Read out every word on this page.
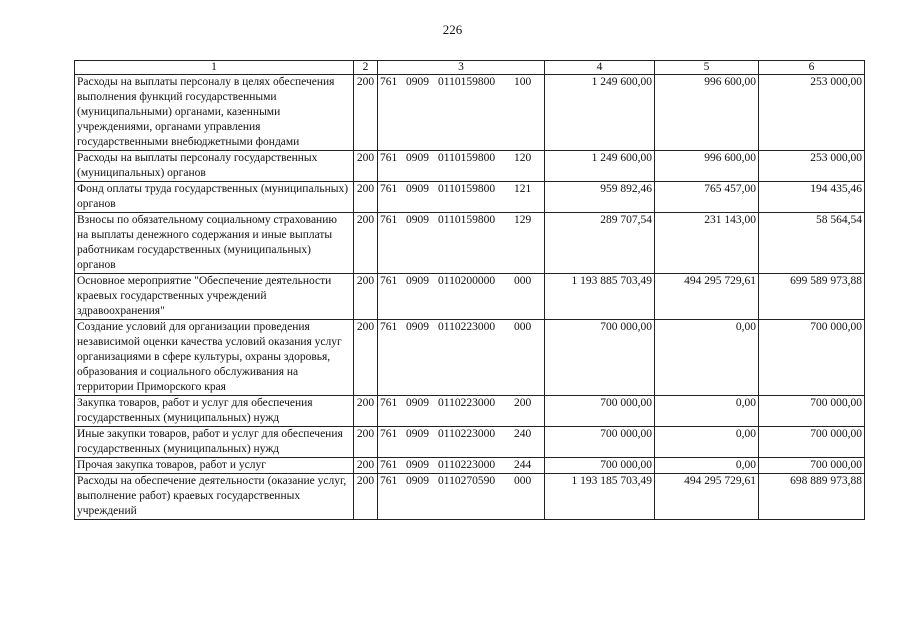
226
1	2	3	4	5	6
Расходы на выплаты персоналу в целях обеспечения выполнения функций государственными (муниципальными) органами, казенными учреждениями, органами управления государственными внебюджетными фондами	200	761 0909 0110159800 100	1 249 600,00	996 600,00	253 000,00
Расходы на выплаты персоналу государственных (муниципальных) органов	200	761 0909 0110159800 120	1 249 600,00	996 600,00	253 000,00
Фонд оплаты труда государственных (муниципальных) органов	200	761 0909 0110159800 121	959 892,46	765 457,00	194 435,46
Взносы по обязательному социальному страхованию на выплаты денежного содержания и иные выплаты работникам государственных (муниципальных) органов	200	761 0909 0110159800 129	289 707,54	231 143,00	58 564,54
Основное мероприятие "Обеспечение деятельности краевых государственных учреждений здравоохранения"	200	761 0909 0110200000 000	1 193 885 703,49	494 295 729,61	699 589 973,88
Создание условий для организации проведения независимой оценки качества условий оказания услуг организациями в сфере культуры, охраны здоровья, образования и социального обслуживания на территории Приморского края	200	761 0909 0110223000 000	700 000,00	0,00	700 000,00
Закупка товаров, работ и услуг для обеспечения государственных (муниципальных) нужд	200	761 0909 0110223000 200	700 000,00	0,00	700 000,00
Иные закупки товаров, работ и услуг для обеспечения государственных (муниципальных) нужд	200	761 0909 0110223000 240	700 000,00	0,00	700 000,00
Прочая закупка товаров, работ и услуг	200	761 0909 0110223000 244	700 000,00	0,00	700 000,00
Расходы на обеспечение деятельности (оказание услуг, выполнение работ) краевых государственных учреждений	200	761 0909 0110270590 000	1 193 185 703,49	494 295 729,61	698 889 973,88
